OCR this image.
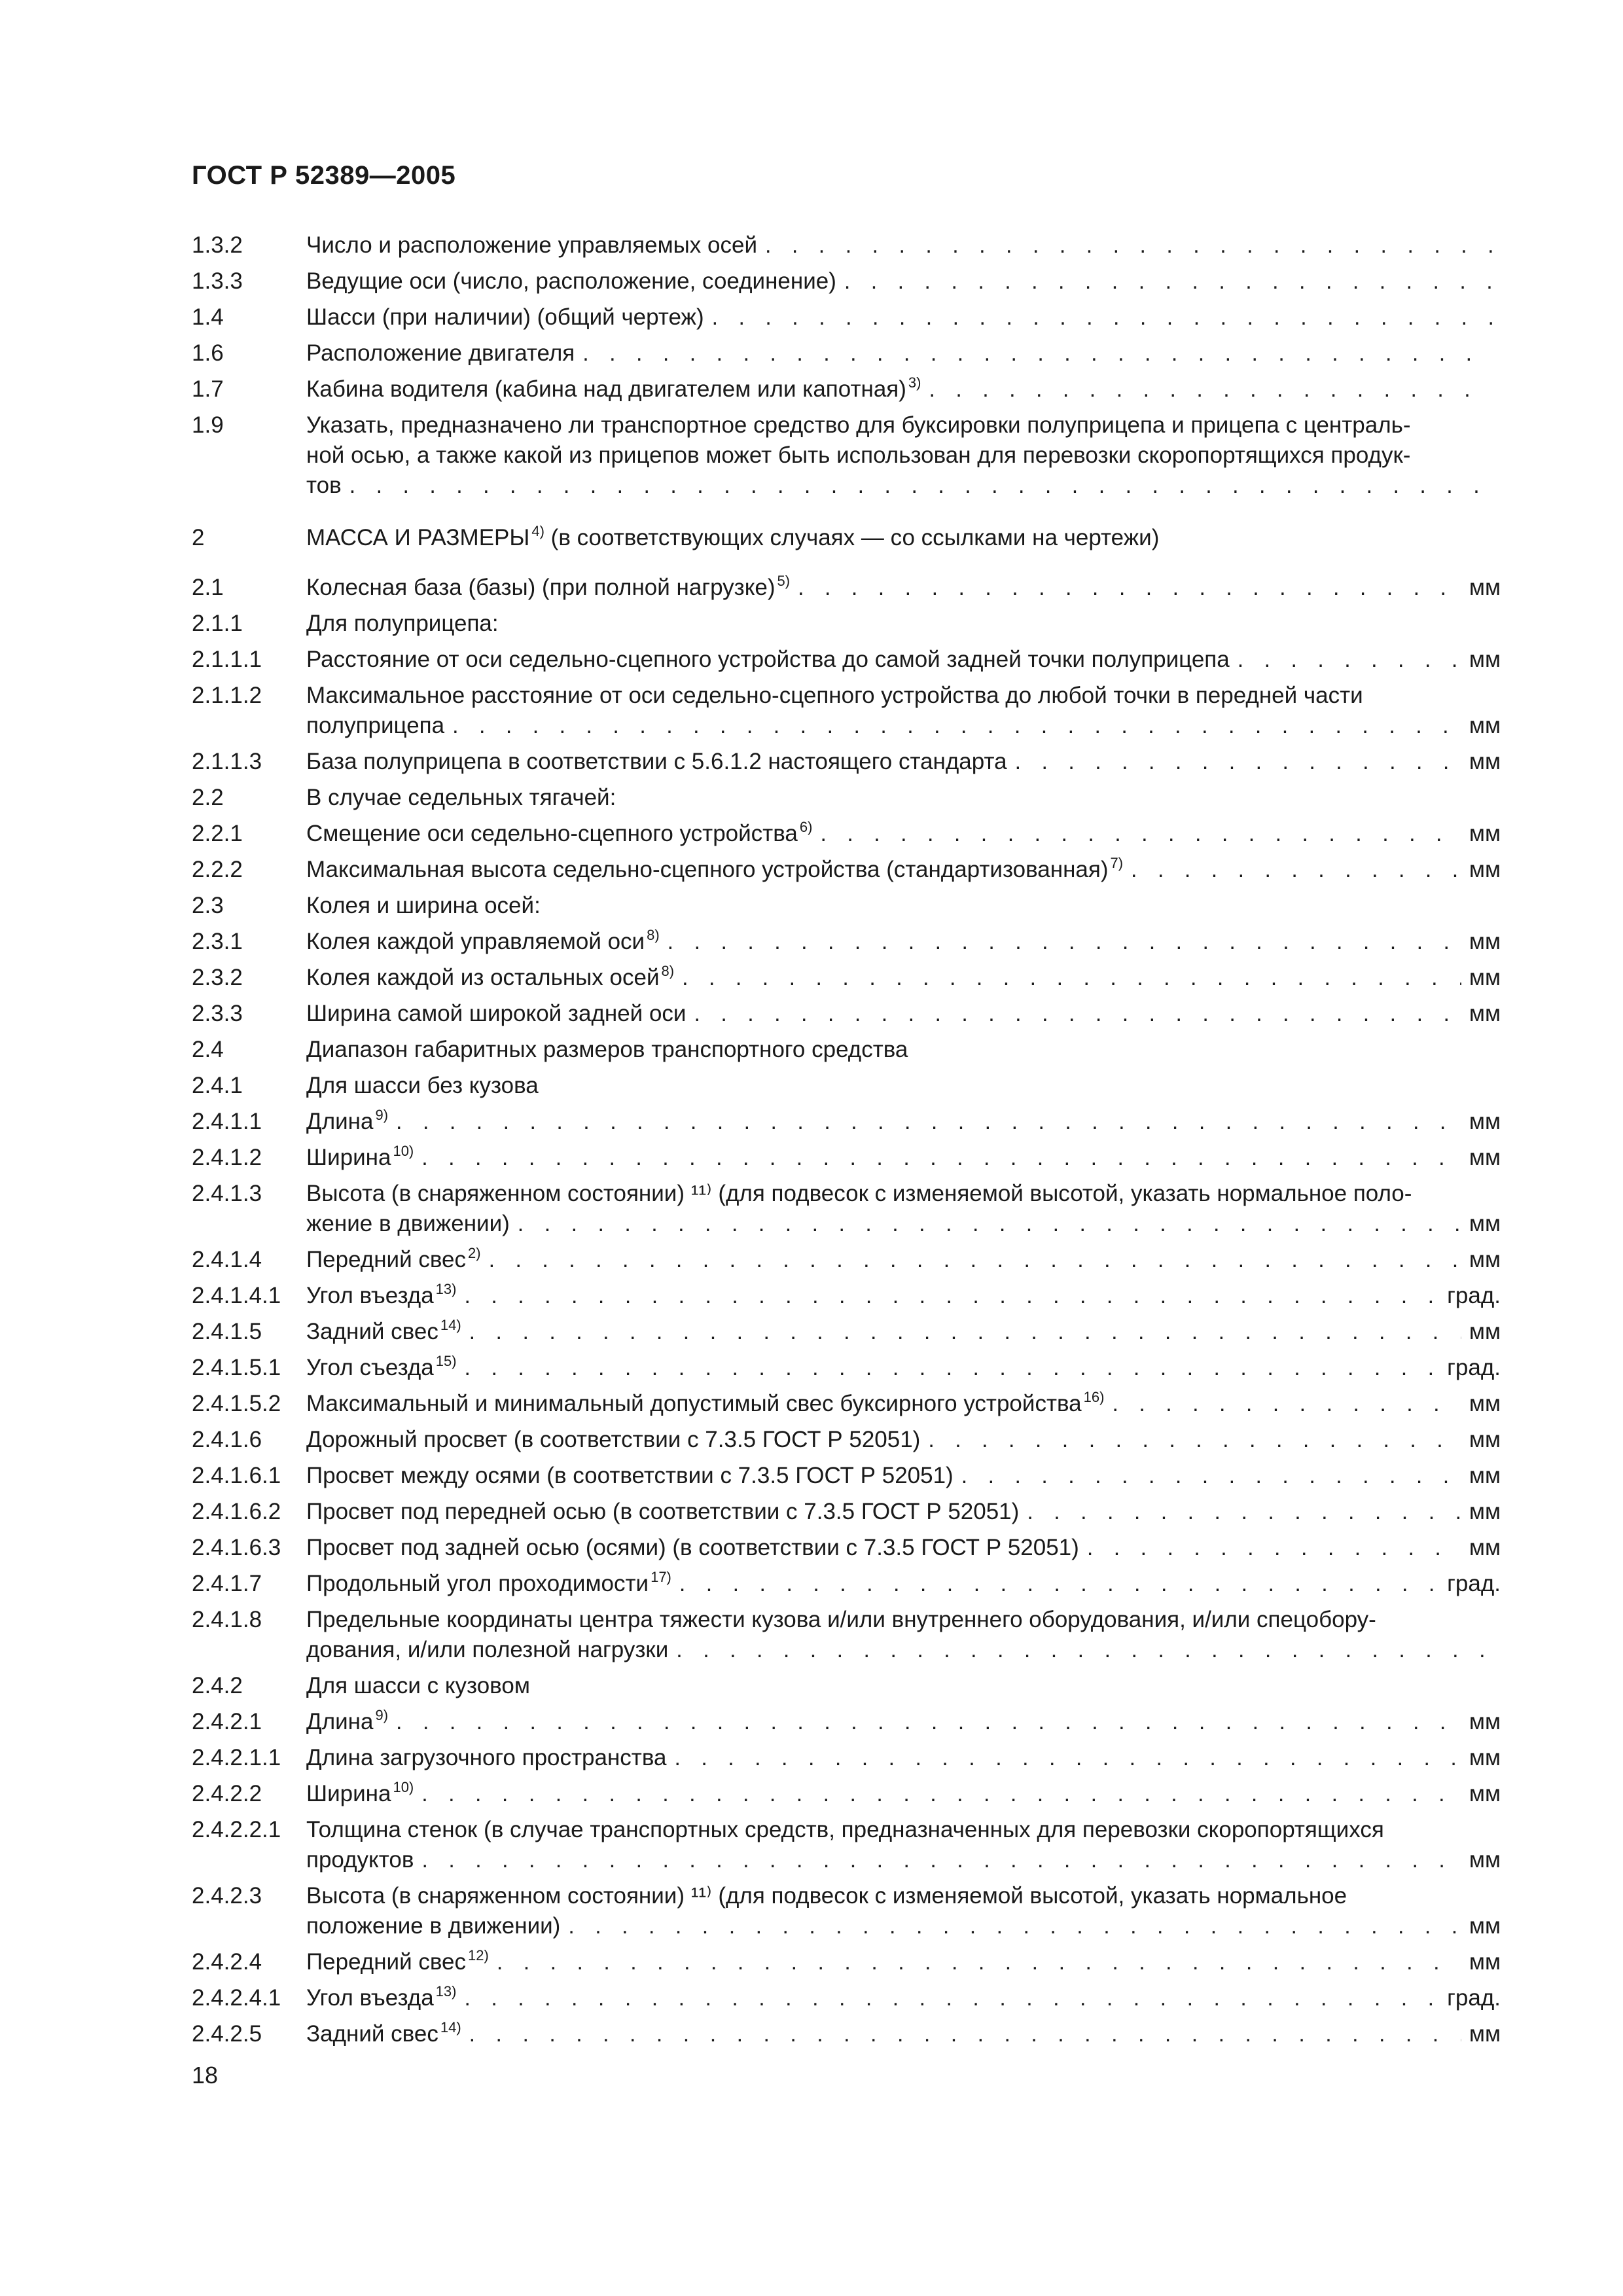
ГОСТ Р 52389—2005
1.3.2	Число и расположение управляемых осей
. . .
1.3.3	Ведущие оси (число, расположение, соединение)
. . .
1.4	Шасси (при наличии) (общий чертеж)
. . .
1.6	Расположение двигателя
. . .
1.7	Кабина водителя (кабина над двигателем или капотная) $^{3)}$
. . .
1.9	Указать, предназначено ли транспортное средство для буксировки полуприцепа и прицепа с централь-
ной осью, а также какой из прицепов может быть использован для перевозки скоропортящихся продук-
тов
. . .
2	МАССА И РАЗМЕРЫ $^{4)}$ (в соответствующих случаях — со ссылками на чертежи)
2.1	Колесная база (базы) (при полной нагрузке) $^{5)}$ . . .	мм
2.1.1	Для полуприцепа:
2.1.1.1	Расстояние от оси седельно-сцепного устройства до самой задней точки полуприцепа . . .	мм
2.1.1.2	Максимальное расстояние от оси седельно-сцепного устройства до любой точки в передней части
полуприцепа . . .	мм
2.1.1.3	База полуприцепа в соответствии с 5.6.1.2 настоящего стандарта . . .	мм
2.2	В случае седельных тягачей:
2.2.1	Смещение оси седельно-сцепного устройства $^{6)}$ . . .	мм
2.2.2	Максимальная высота седельно-сцепного устройства (стандартизованная) $^{7)}$ . . .	мм
2.3	Колея и ширина осей:
2.3.1	Колея каждой управляемой оси $^{8)}$ . . .	мм
2.3.2	Колея каждой из остальных осей $^{8)}$ . . .	мм
2.3.3	Ширина самой широкой задней оси . . .	мм
2.4	Диапазон габаритных размеров транспортного средства
2.4.1	Для шасси без кузова
2.4.1.1	Длина $^{9)}$ . . .	мм
2.4.1.2	Ширина $^{10)}$ . . .	мм
2.4.1.3	Высота (в снаряженном состоянии) ¹¹⁾ (для подвесок с изменяемой высотой, указать нормальное поло-
жение в движении) . . .	мм
2.4.1.4	Передний свес $^{2)}$ . . .	мм
2.4.1.4.1	Угол въезда $^{13)}$ . . .	град.
2.4.1.5	Задний свес $^{14)}$ . . .	мм
2.4.1.5.1	Угол съезда $^{15)}$ . . .	град.
2.4.1.5.2	Максимальный и минимальный допустимый свес буксирного устройства $^{16)}$ . . .	мм
2.4.1.6	Дорожный просвет (в соответствии с 7.3.5 ГОСТ Р 52051) . . .	мм
2.4.1.6.1	Просвет между осями (в соответствии с 7.3.5 ГОСТ Р 52051) . . .	мм
2.4.1.6.2	Просвет под передней осью (в соответствии с 7.3.5 ГОСТ Р 52051) . . .	мм
2.4.1.6.3	Просвет под задней осью (осями) (в соответствии с 7.3.5 ГОСТ Р 52051) . . .	мм
2.4.1.7	Продольный угол проходимости $^{17)}$ . . .	град.
2.4.1.8	Предельные координаты центра тяжести кузова и/или внутреннего оборудования, и/или спецобору-
дования, и/или полезной нагрузки
. . .
2.4.2	Для шасси с кузовом
2.4.2.1	Длина $^{9)}$ . . .	мм
2.4.2.1.1	Длина загрузочного пространства . . .	мм
2.4.2.2	Ширина $^{10)}$ . . .	мм
2.4.2.2.1	Толщина стенок (в случае транспортных средств, предназначенных для перевозки скоропортящихся
продуктов . . .	мм
2.4.2.3	Высота (в снаряженном состоянии) ¹¹⁾ (для подвесок с изменяемой высотой, указать нормальное
положение в движении) . . .	мм
2.4.2.4	Передний свес $^{12)}$ . . .	мм
2.4.2.4.1	Угол въезда $^{13)}$ . . .	град.
2.4.2.5	Задний свес $^{14)}$ . . .	мм
18
